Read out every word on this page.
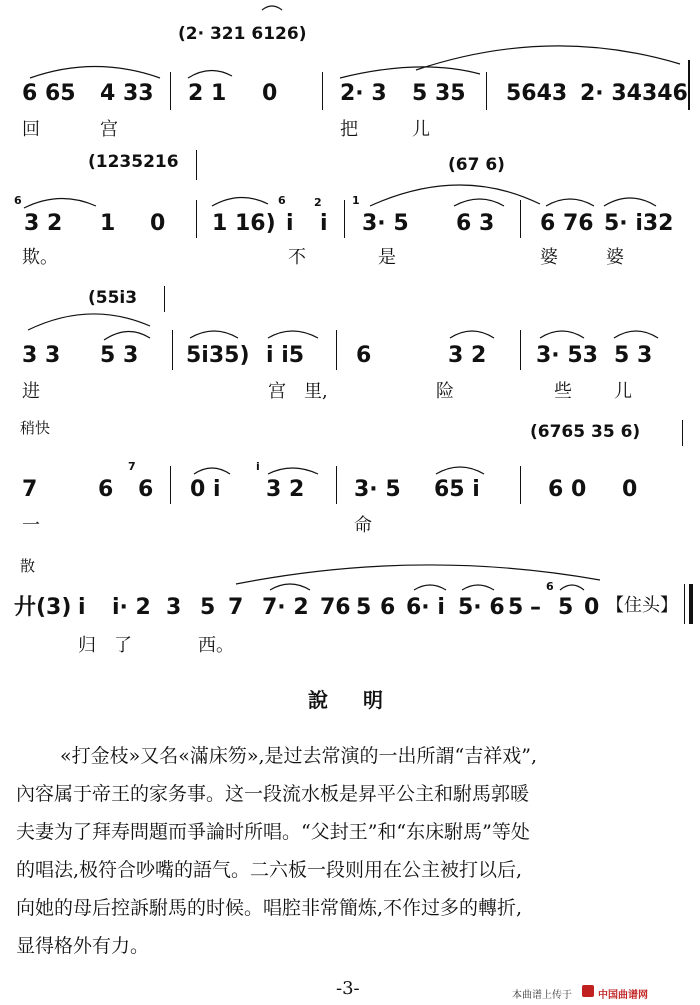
(2· 321 6126)
6 65 4 33 2 1 0	2· 3 5 35 5643 2· 34346
回	宫	把	儿
(1235216	(67 6)
6
3 2 1 0 1 16)
6
i
2
i
1
3· 5 6 3 6 76 5· i32
欺。	不	是	婆	婆
(55i3
3 3 5 3 5i35) i i5 6	3 2 3· 53 5 3
进	宫 里,	险	些 儿
稍快	(6765 35 6)
7	6
7
6 0 i
i
3 2 3· 5 65 i	6 0 0
一	命
散
廾(3) i i· 2 3 5 7 7· 2 76 5 6 6· i 5· 6 5 –
6
5 0 【住头】
归 了	西。
說 明
«打金枝»又名«滿床笏»,是过去常演的一出所謂“吉祥戏”,
內容属于帝王的家务事。这一段流水板是昇平公主和駙馬郭暖
夫妻为了拜寿問題而爭論时所唱。“父封王”和“东床駙馬”等处
的唱法,极符合吵嘴的語气。二六板一段则用在公主被打以后,
向她的母后控訴駙馬的时候。唱腔非常簡炼,不作过多的轉折,
显得格外有力。
-3-	本曲谱上传于	中国曲谱网
